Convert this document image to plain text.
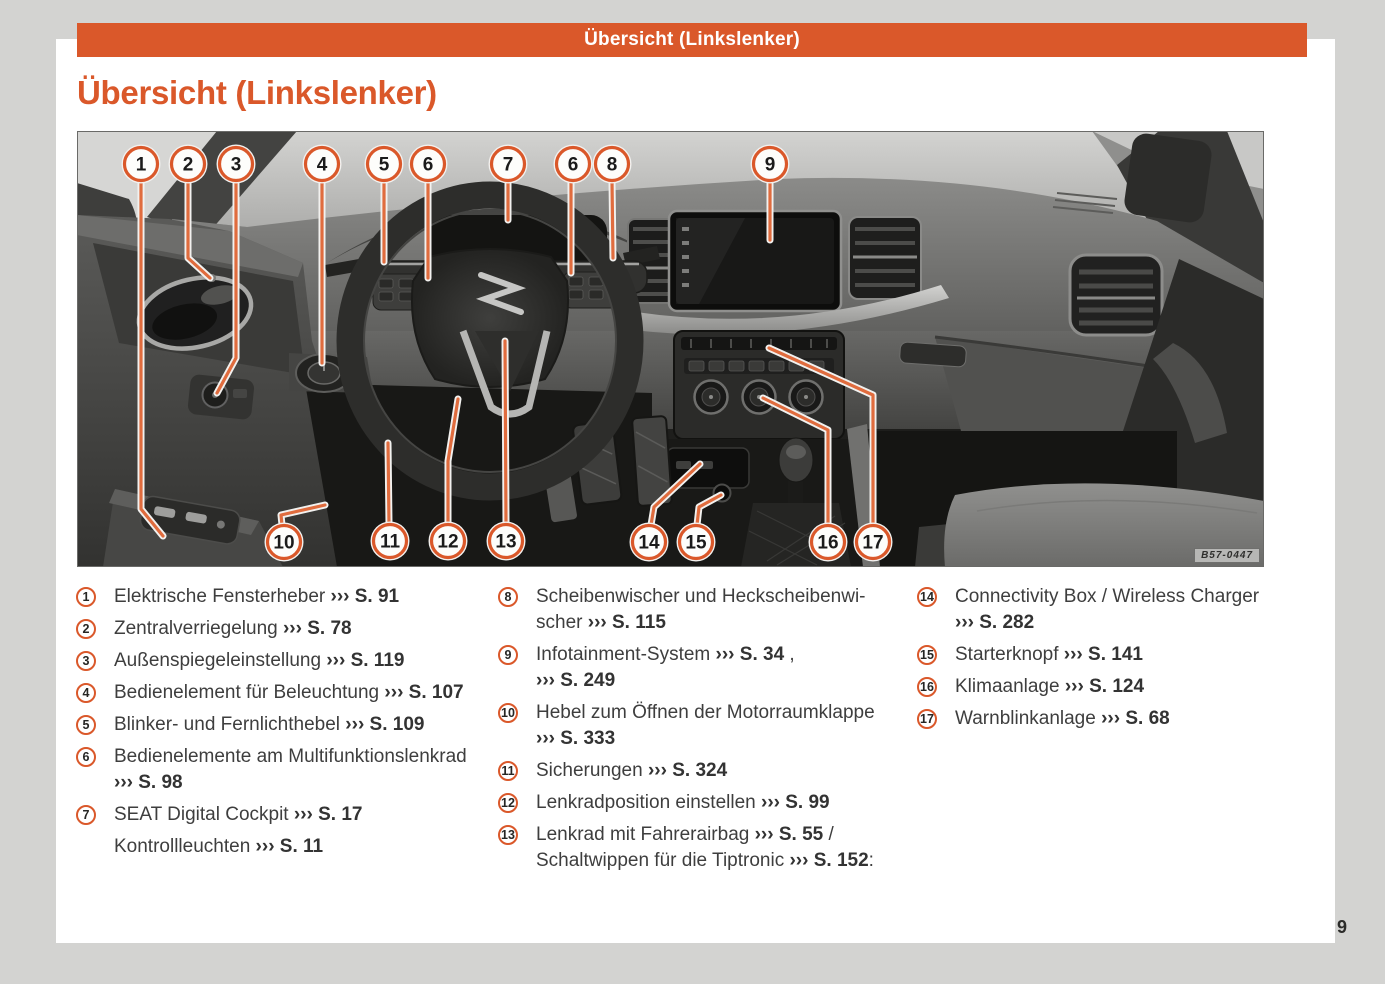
Übersicht (Linkslenker)
Übersicht (Linkslenker)
1 2 3	4	5 6	7	6 8	9
10	11 12 13	14 15	16 17
B57-0447
1	Elektrische Fensterheber ››› S. 91

2	Zentralverriegelung ››› S. 78

3	Außenspiegeleinstellung ››› S. 119

4	Bedienelement für Beleuchtung ››› S. 107

5	Blinker- und Fernlichthebel ››› S. 109

6	Bedienelemente am Multifunktionslenkrad
››› S. 98

7	SEAT Digital Cockpit ››› S. 17

Kontrollleuchten ››› S. 11

8	Scheibenwischer und Heckscheibenwi-
scher ››› S. 115

9	Infotainment-System ››› S. 34 ,
››› S. 249

10 Hebel zum Öffnen der Motorraumklappe
››› S. 333

11 Sicherungen ››› S. 324

12 Lenkradposition einstellen ››› S. 99

13 Lenkrad mit Fahrerairbag ››› S. 55 /
Schaltwippen für die Tiptronic ››› S. 152:

14 Connectivity Box / Wireless Charger
››› S. 282

15 Starterknopf ››› S. 141

16 Klimaanlage ››› S. 124

17 Warnblinkanlage ››› S. 68

9
